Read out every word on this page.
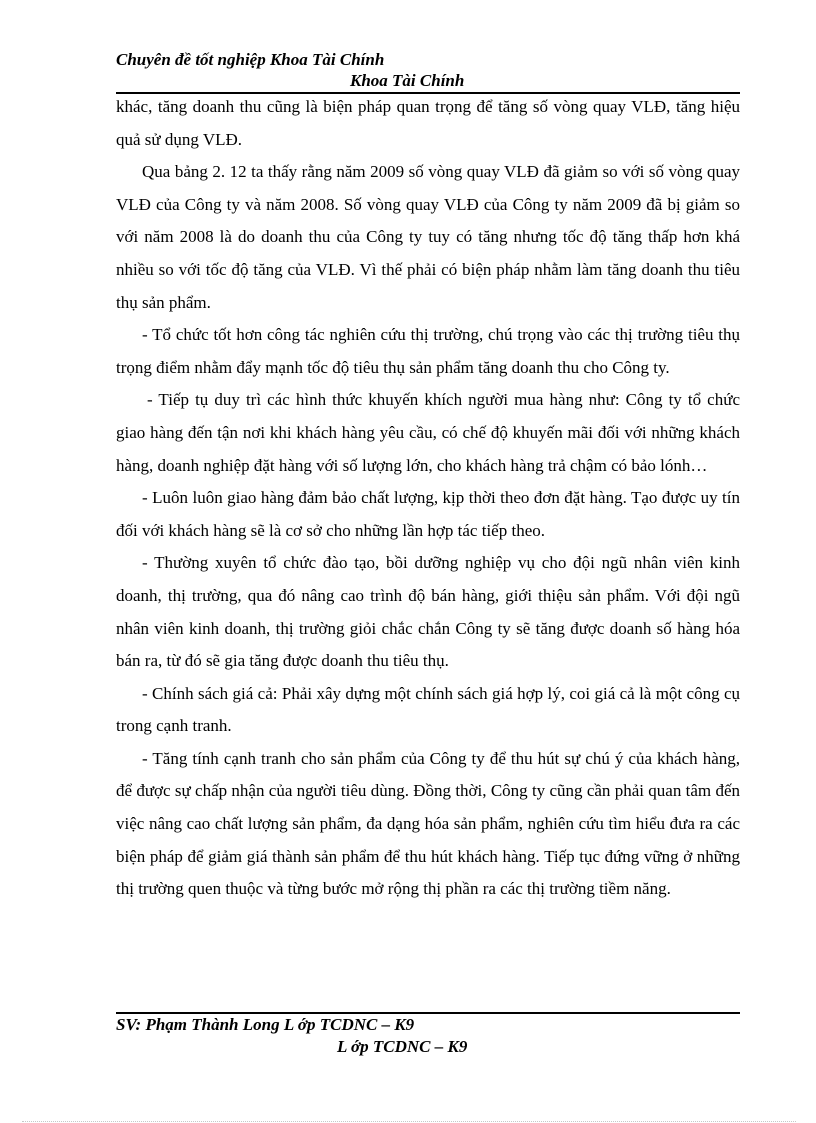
Chuyên đề tốt nghiệp Khoa Tài Chính
Khoa Tài Chính

khác, tăng doanh thu cũng là biện pháp quan trọng để tăng số vòng quay VLĐ, tăng hiệu quả sử dụng VLĐ.

Qua bảng 2. 12 ta thấy rằng năm 2009 số vòng quay VLĐ đã giảm so với số vòng quay VLĐ của Công ty và năm 2008. Số vòng quay VLĐ của Công ty năm 2009 đã bị giảm so với năm 2008 là do doanh thu của Công ty tuy có tăng nhưng tốc độ tăng thấp hơn khá nhiều so với tốc độ tăng của VLĐ. Vì thế phải có biện pháp nhằm làm tăng doanh thu tiêu thụ sản phẩm.

- Tổ chức tốt hơn công tác nghiên cứu thị trường, chú trọng vào các thị trường tiêu thụ trọng điểm nhằm đẩy mạnh tốc độ tiêu thụ sản phẩm tăng doanh thu cho Công ty.

- Tiếp tụ duy trì các hình thức khuyến khích người mua hàng như: Công ty tổ chức giao hàng đến tận nơi khi khách hàng yêu cầu, có chế độ khuyến mãi đối với những khách hàng, doanh nghiệp đặt hàng với số lượng lớn, cho khách hàng trả chậm có bảo lónh…

- Luôn luôn giao hàng đảm bảo chất lượng, kịp thời theo đơn đặt hàng. Tạo được uy tín đối với khách hàng sẽ là cơ sở cho những lần hợp tác tiếp theo.

- Thường xuyên tổ chức đào tạo, bồi dưỡng nghiệp vụ cho đội ngũ nhân viên kinh doanh, thị trường, qua đó nâng cao trình độ bán hàng, giới thiệu sản phẩm. Với đội ngũ nhân viên kinh doanh, thị trường giỏi chắc chắn Công ty sẽ tăng được doanh số hàng hóa bán ra, từ đó sẽ gia tăng được doanh thu tiêu thụ.

- Chính sách giá cả: Phải xây dựng một chính sách giá hợp lý, coi giá cả là một công cụ trong cạnh tranh.

- Tăng tính cạnh tranh cho sản phẩm của Công ty để thu hút sự chú ý của khách hàng, để được sự chấp nhận của người tiêu dùng. Đồng thời, Công ty cũng cần phải quan tâm đến việc nâng cao chất lượng sản phẩm, đa dạng hóa sản phẩm, nghiên cứu tìm hiểu đưa ra các biện pháp để giảm giá thành sản phẩm để thu hút khách hàng. Tiếp tục đứng vững ở những thị trường quen thuộc và từng bước mở rộng thị phần ra các thị trường tiềm năng.

SV: Phạm Thành Long L ớp TCDNC – K9
L ớp TCDNC – K9
